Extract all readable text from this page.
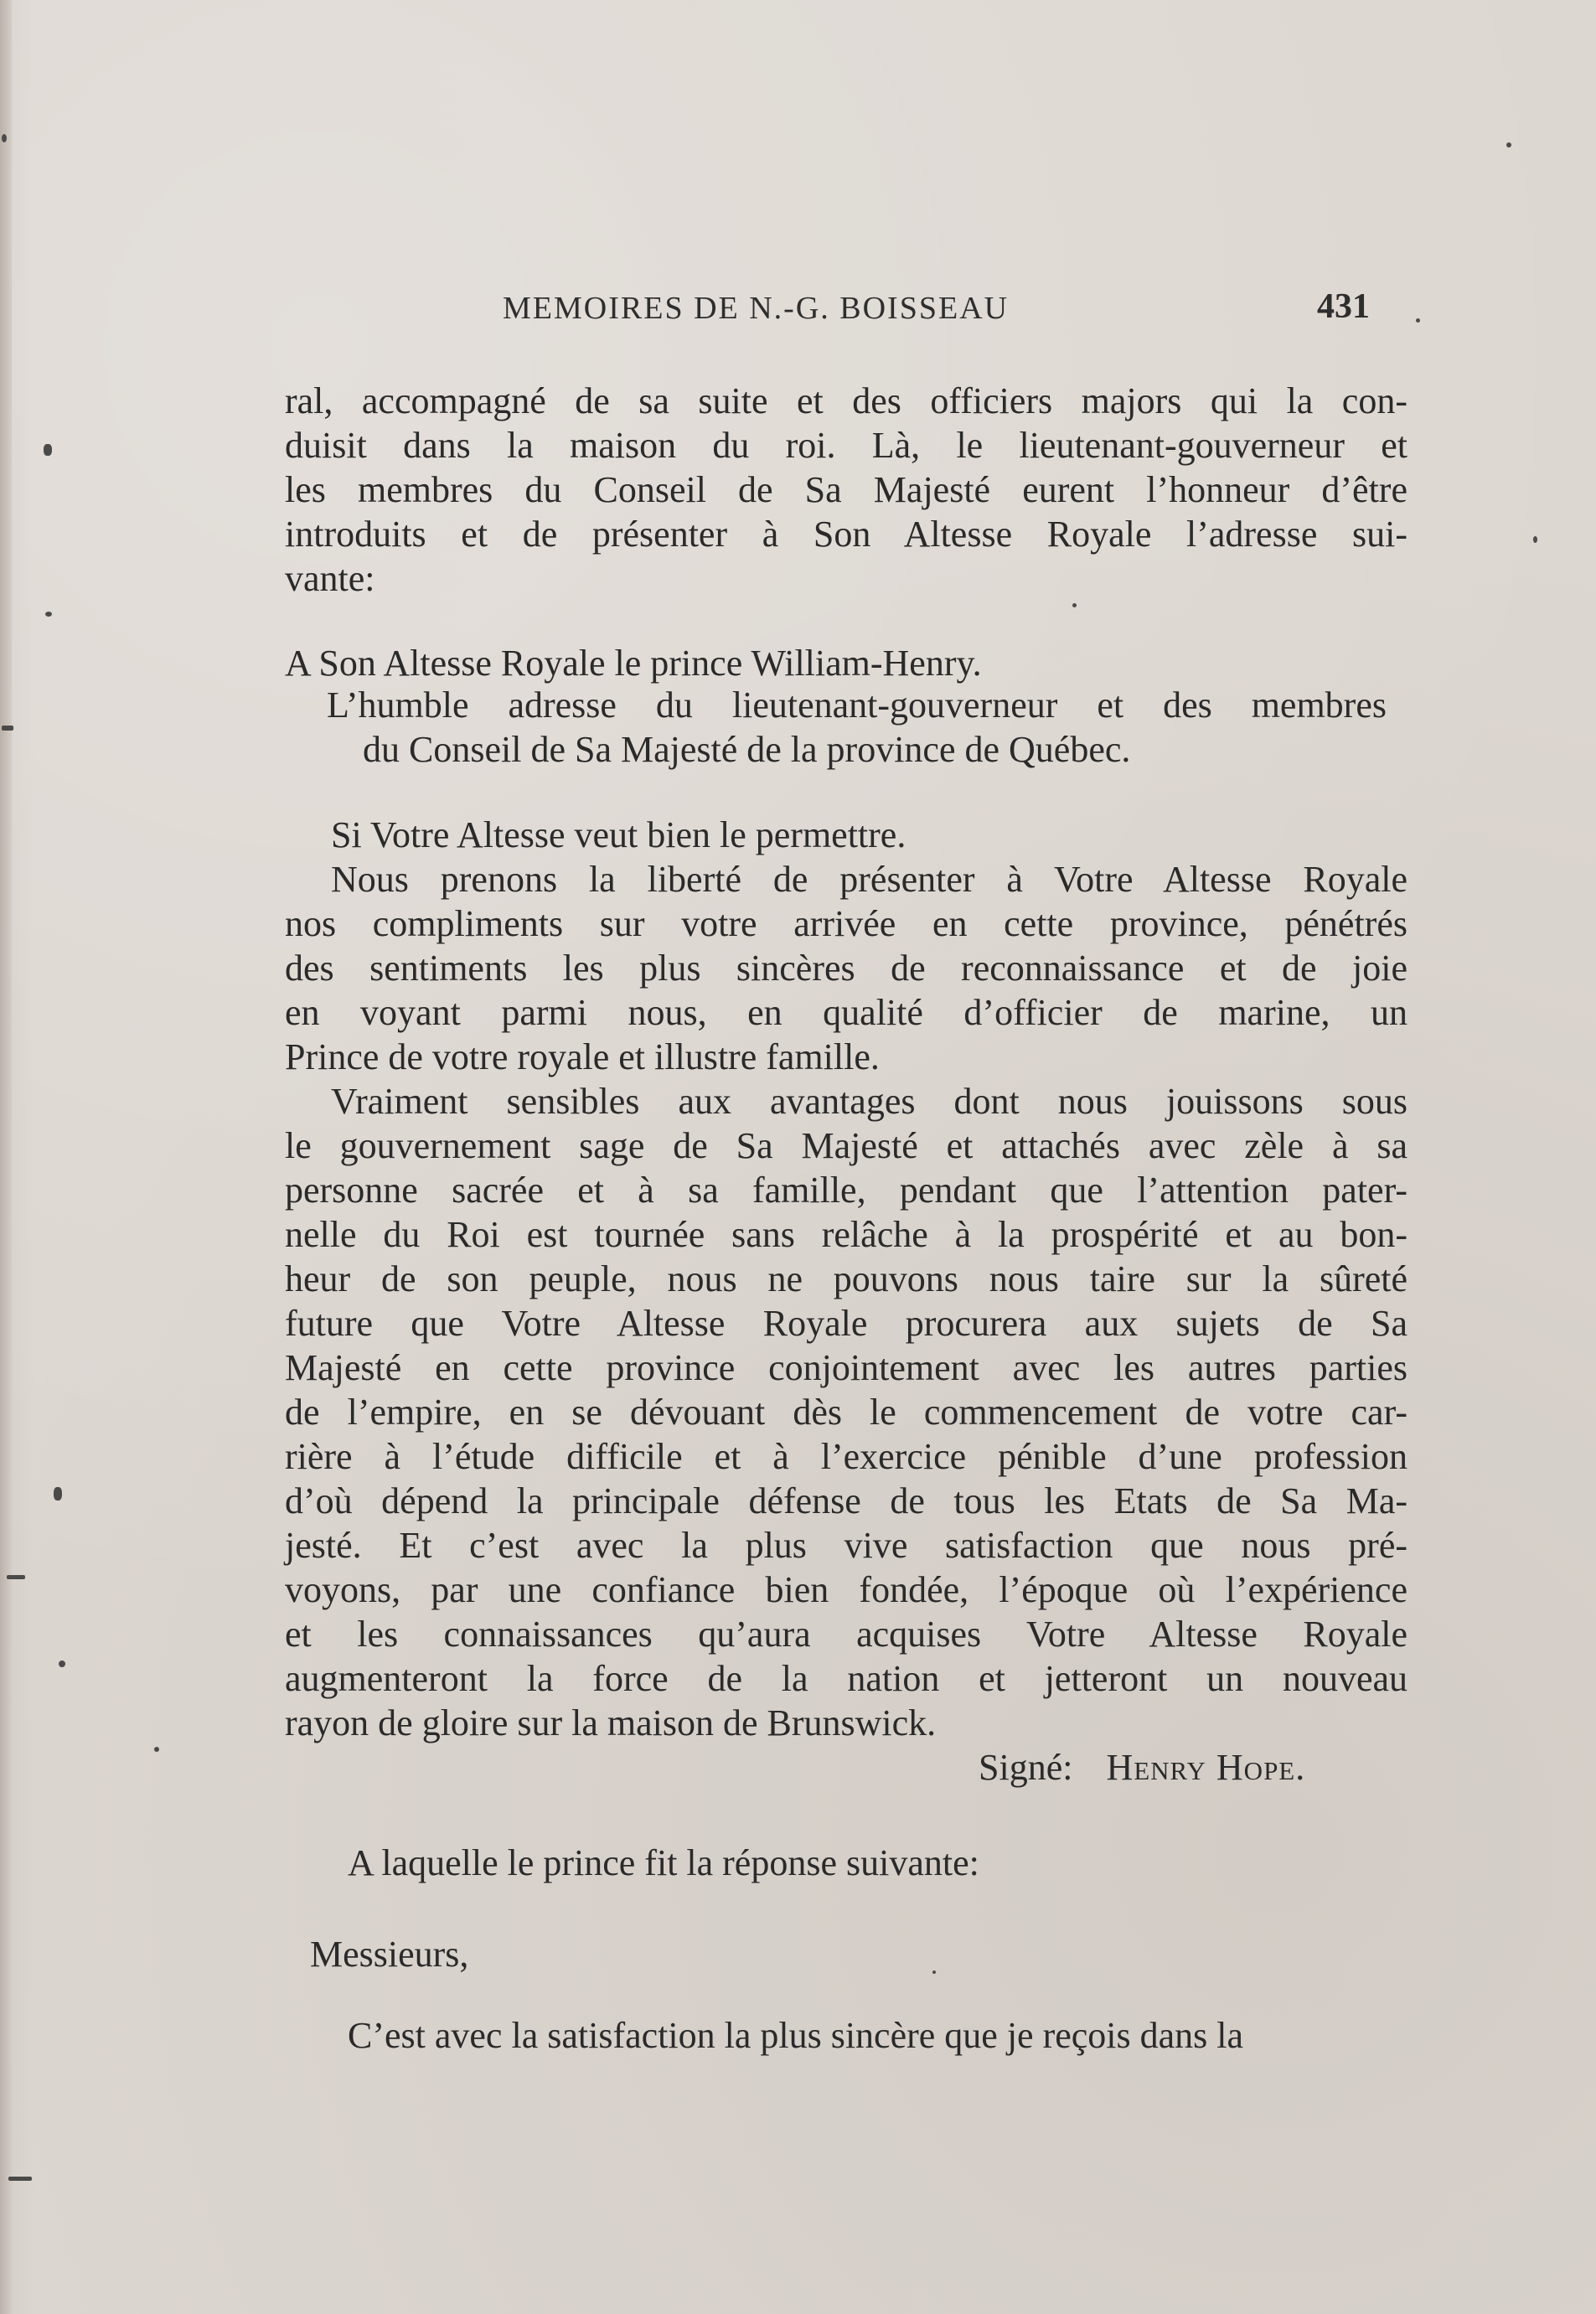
MEMOIRES DE N.-G. BOISSEAU	431
ral, accompagné de sa suite et des officiers majors qui la con-
duisit dans la maison du roi. Là, le lieutenant-gouverneur et
les membres du Conseil de Sa Majesté eurent l’honneur d’être
introduits et de présenter à Son Altesse Royale l’adresse sui-
vante:
A Son Altesse Royale le prince William-Henry.
L’humble adresse du lieutenant-gouverneur et des membres
du Conseil de Sa Majesté de la province de Québec.
Si Votre Altesse veut bien le permettre.
Nous prenons la liberté de présenter à Votre Altesse Royale
nos compliments sur votre arrivée en cette province, pénétrés
des sentiments les plus sincères de reconnaissance et de joie
en voyant parmi nous, en qualité d’officier de marine, un
Prince de votre royale et illustre famille.
Vraiment sensibles aux avantages dont nous jouissons sous
le gouvernement sage de Sa Majesté et attachés avec zèle à sa
personne sacrée et à sa famille, pendant que l’attention pater-
nelle du Roi est tournée sans relâche à la prospérité et au bon-
heur de son peuple, nous ne pouvons nous taire sur la sûreté
future que Votre Altesse Royale procurera aux sujets de Sa
Majesté en cette province conjointement avec les autres parties
de l’empire, en se dévouant dès le commencement de votre car-
rière à l’étude difficile et à l’exercice pénible d’une profession
d’où dépend la principale défense de tous les Etats de Sa Ma-
jesté. Et c’est avec la plus vive satisfaction que nous pré-
voyons, par une confiance bien fondée, l’époque où l’expérience
et les connaissances qu’aura acquises Votre Altesse Royale
augmenteront la force de la nation et jetteront un nouveau
rayon de gloire sur la maison de Brunswick.
Signé: Henry Hope.
A laquelle le prince fit la réponse suivante:
Messieurs,
C’est avec la satisfaction la plus sincère que je reçois dans la
